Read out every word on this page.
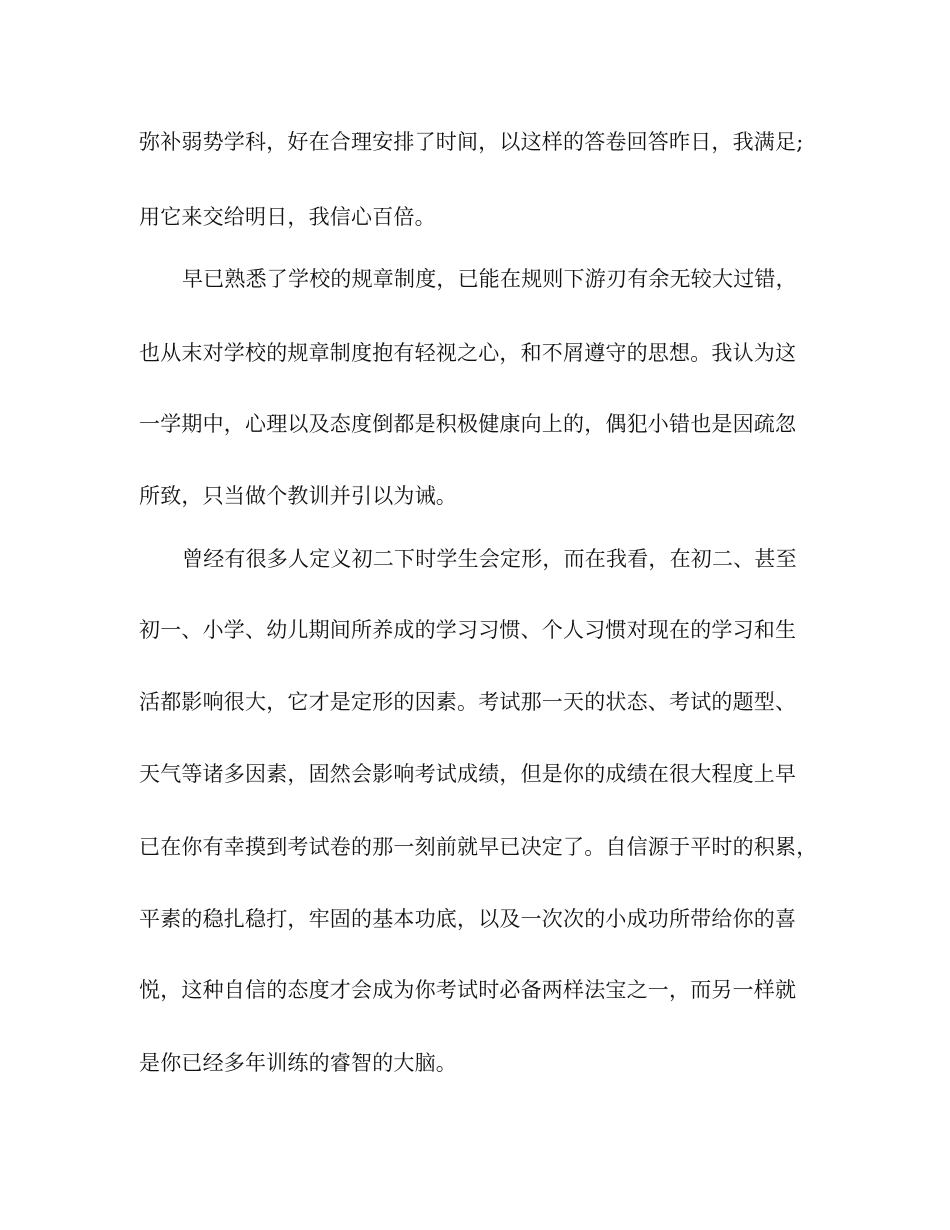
弥补弱势学科，好在合理安排了时间，以这样的答卷回答昨日，我满足;
用它来交给明日，我信心百倍。
早已熟悉了学校的规章制度，已能在规则下游刃有余无较大过错，
也从末对学校的规章制度抱有轻视之心，和不屑遵守的思想。我认为这
一学期中，心理以及态度倒都是积极健康向上的，偶犯小错也是因疏忽
所致，只当做个教训并引以为诫。
曾经有很多人定义初二下时学生会定形，而在我看，在初二、甚至
初一、小学、幼儿期间所养成的学习习惯、个人习惯对现在的学习和生
活都影响很大，它才是定形的因素。考试那一天的状态、考试的题型、
天气等诸多因素，固然会影响考试成绩，但是你的成绩在很大程度上早
已在你有幸摸到考试卷的那一刻前就早已决定了。自信源于平时的积累，
平素的稳扎稳打，牢固的基本功底，以及一次次的小成功所带给你的喜
悦，这种自信的态度才会成为你考试时必备两样法宝之一，而另一样就
是你已经多年训练的睿智的大脑。
